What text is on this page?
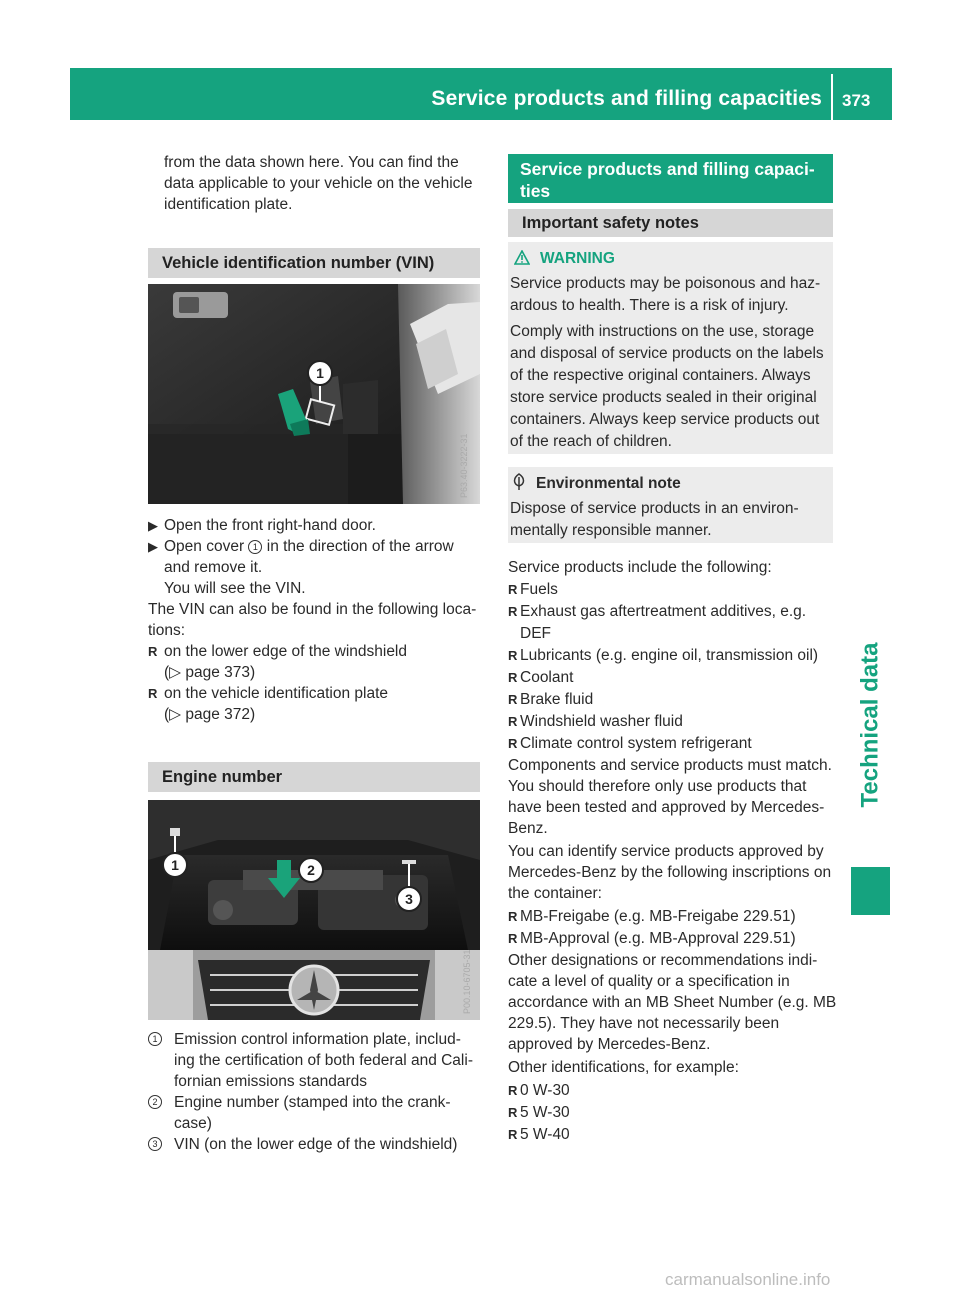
Service products and filling capacities 373
Technical data
from the data shown here. You can find the
data applicable to your vehicle on the vehicle
identification plate.
Vehicle identification number (VIN)
1
P63.40-3222-31
▶ Open the front right-hand door.
▶ Open cover 1 in the direction of the arrow
and remove it.
You will see the VIN.
The VIN can also be found in the following loca-
tions:
R on the lower edge of the windshield
(▷ page 373)
R on the vehicle identification plate
(▷ page 372)
Engine number
1	2
3
P00.10-6705-31
1 Emission control information plate, includ-
ing the certification of both federal and Cali-
fornian emissions standards
2 Engine number (stamped into the crank-
case)
3 VIN (on the lower edge of the windshield)
Service products and filling capaci-
ties
Important safety notes
WARNING
Service products may be poisonous and haz-
ardous to health. There is a risk of injury.
Comply with instructions on the use, storage
and disposal of service products on the labels
of the respective original containers. Always
store service products sealed in their original
containers. Always keep service products out
of the reach of children.
Environmental note
Dispose of service products in an environ-
mentally responsible manner.
Service products include the following:
R Fuels
R Exhaust gas aftertreatment additives, e.g.
DEF
R Lubricants (e.g. engine oil, transmission oil)
R Coolant
R Brake fluid
R Windshield washer fluid
R Climate control system refrigerant
Components and service products must match.
You should therefore only use products that
have been tested and approved by Mercedes-
Benz.
You can identify service products approved by
Mercedes-Benz by the following inscriptions on
the container:
R MB-Freigabe (e.g. MB-Freigabe 229.51)
R MB-Approval (e.g. MB-Approval 229.51)
Other designations or recommendations indi-
cate a level of quality or a specification in
accordance with an MB Sheet Number (e.g. MB
229.5). They have not necessarily been
approved by Mercedes-Benz.
Other identifications, for example:
R 0 W-30
R 5 W-30
R 5 W-40
carmanualsonline.info
